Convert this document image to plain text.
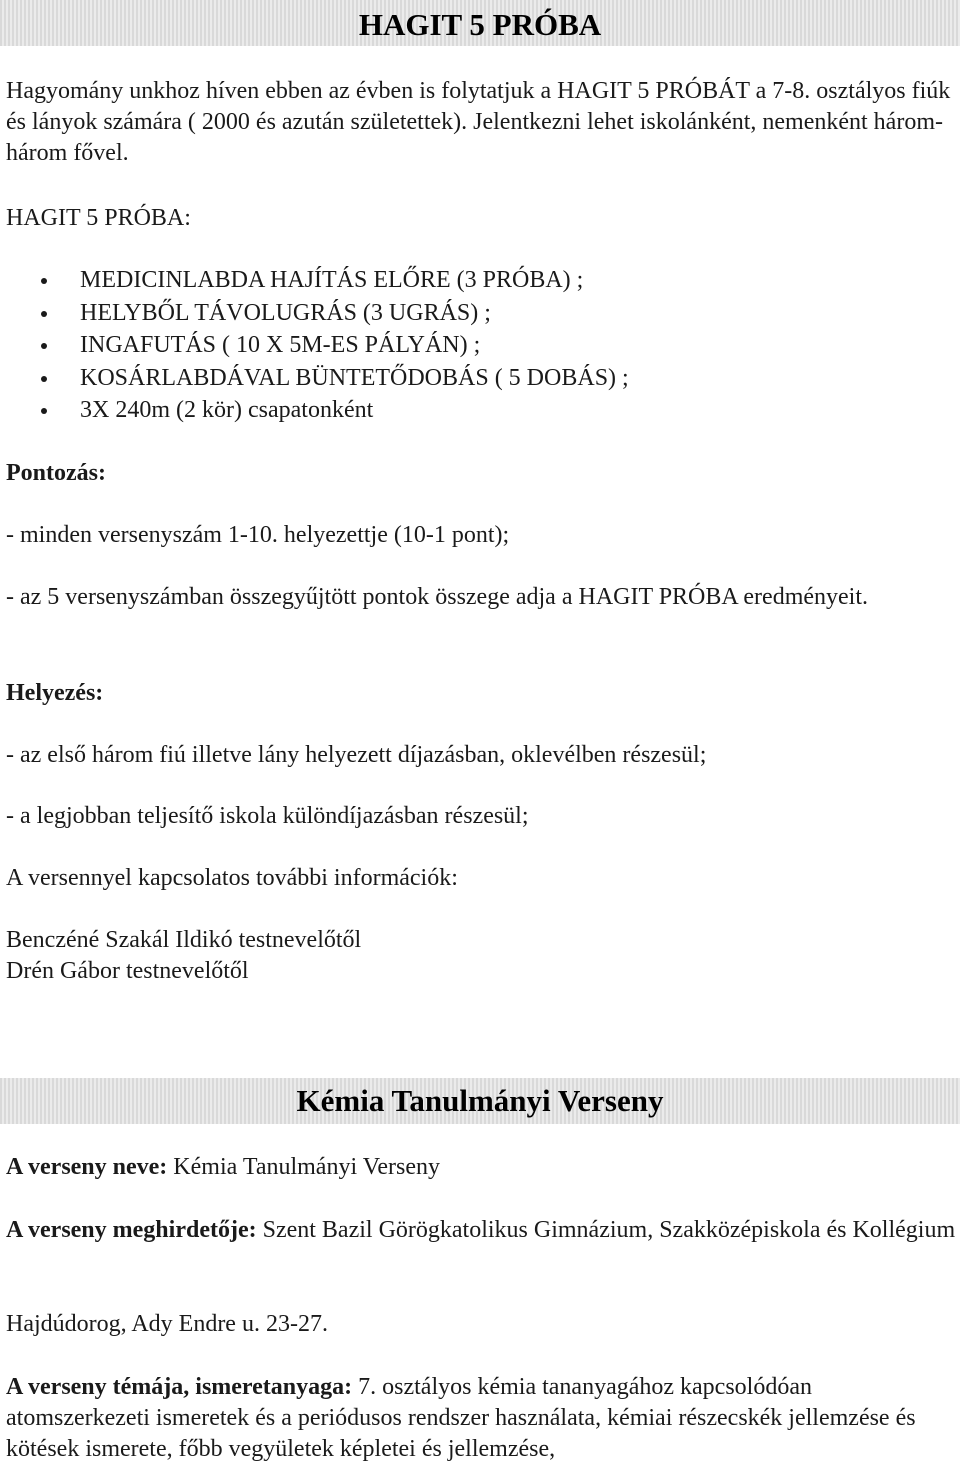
HAGIT 5 PRÓBA

Hagyomány unkhoz híven ebben az évben is folytatjuk a HAGIT 5 PRÓBÁT a 7-8. osztályos fiúk és lányok számára ( 2000 és azután születettek). Jelentkezni lehet iskolánként, nemenként három-három fővel.

HAGIT 5 PRÓBA:

MEDICINLABDA HAJÍTÁS ELŐRE (3 PRÓBA) ;
HELYBŐL TÁVOLUGRÁS (3 UGRÁS) ;
INGAFUTÁS ( 10 X 5M-ES PÁLYÁN) ;
KOSÁRLABDÁVAL BÜNTETŐDOBÁS ( 5 DOBÁS) ;
3X 240m (2 kör) csapatonként

Pontozás:

- minden versenyszám 1-10. helyezettje (10-1 pont);

- az 5 versenyszámban összegyűjtött pontok összege adja a HAGIT PRÓBA eredményeit.

Helyezés:

- az első három fiú illetve lány helyezett díjazásban, oklevélben részesül;

- a legjobban teljesítő iskola különdíjazásban részesül;

A versennyel kapcsolatos további információk:

Benczéné Szakál Ildikó testnevelőtől

Drén Gábor testnevelőtől

Kémia Tanulmányi Verseny

A verseny neve: Kémia Tanulmányi Verseny

A verseny meghirdetője: Szent Bazil Görögkatolikus Gimnázium, Szakközépiskola és Kollégium

Hajdúdorog, Ady Endre u. 23-27.

A verseny témája, ismeretanyaga: 7. osztályos kémia tananyagához kapcsolódóan atomszerkezeti ismeretek és a periódusos rendszer használata, kémiai részecskék jellemzése és kötések ismerete, főbb vegyületek képletei és jellemzése,
